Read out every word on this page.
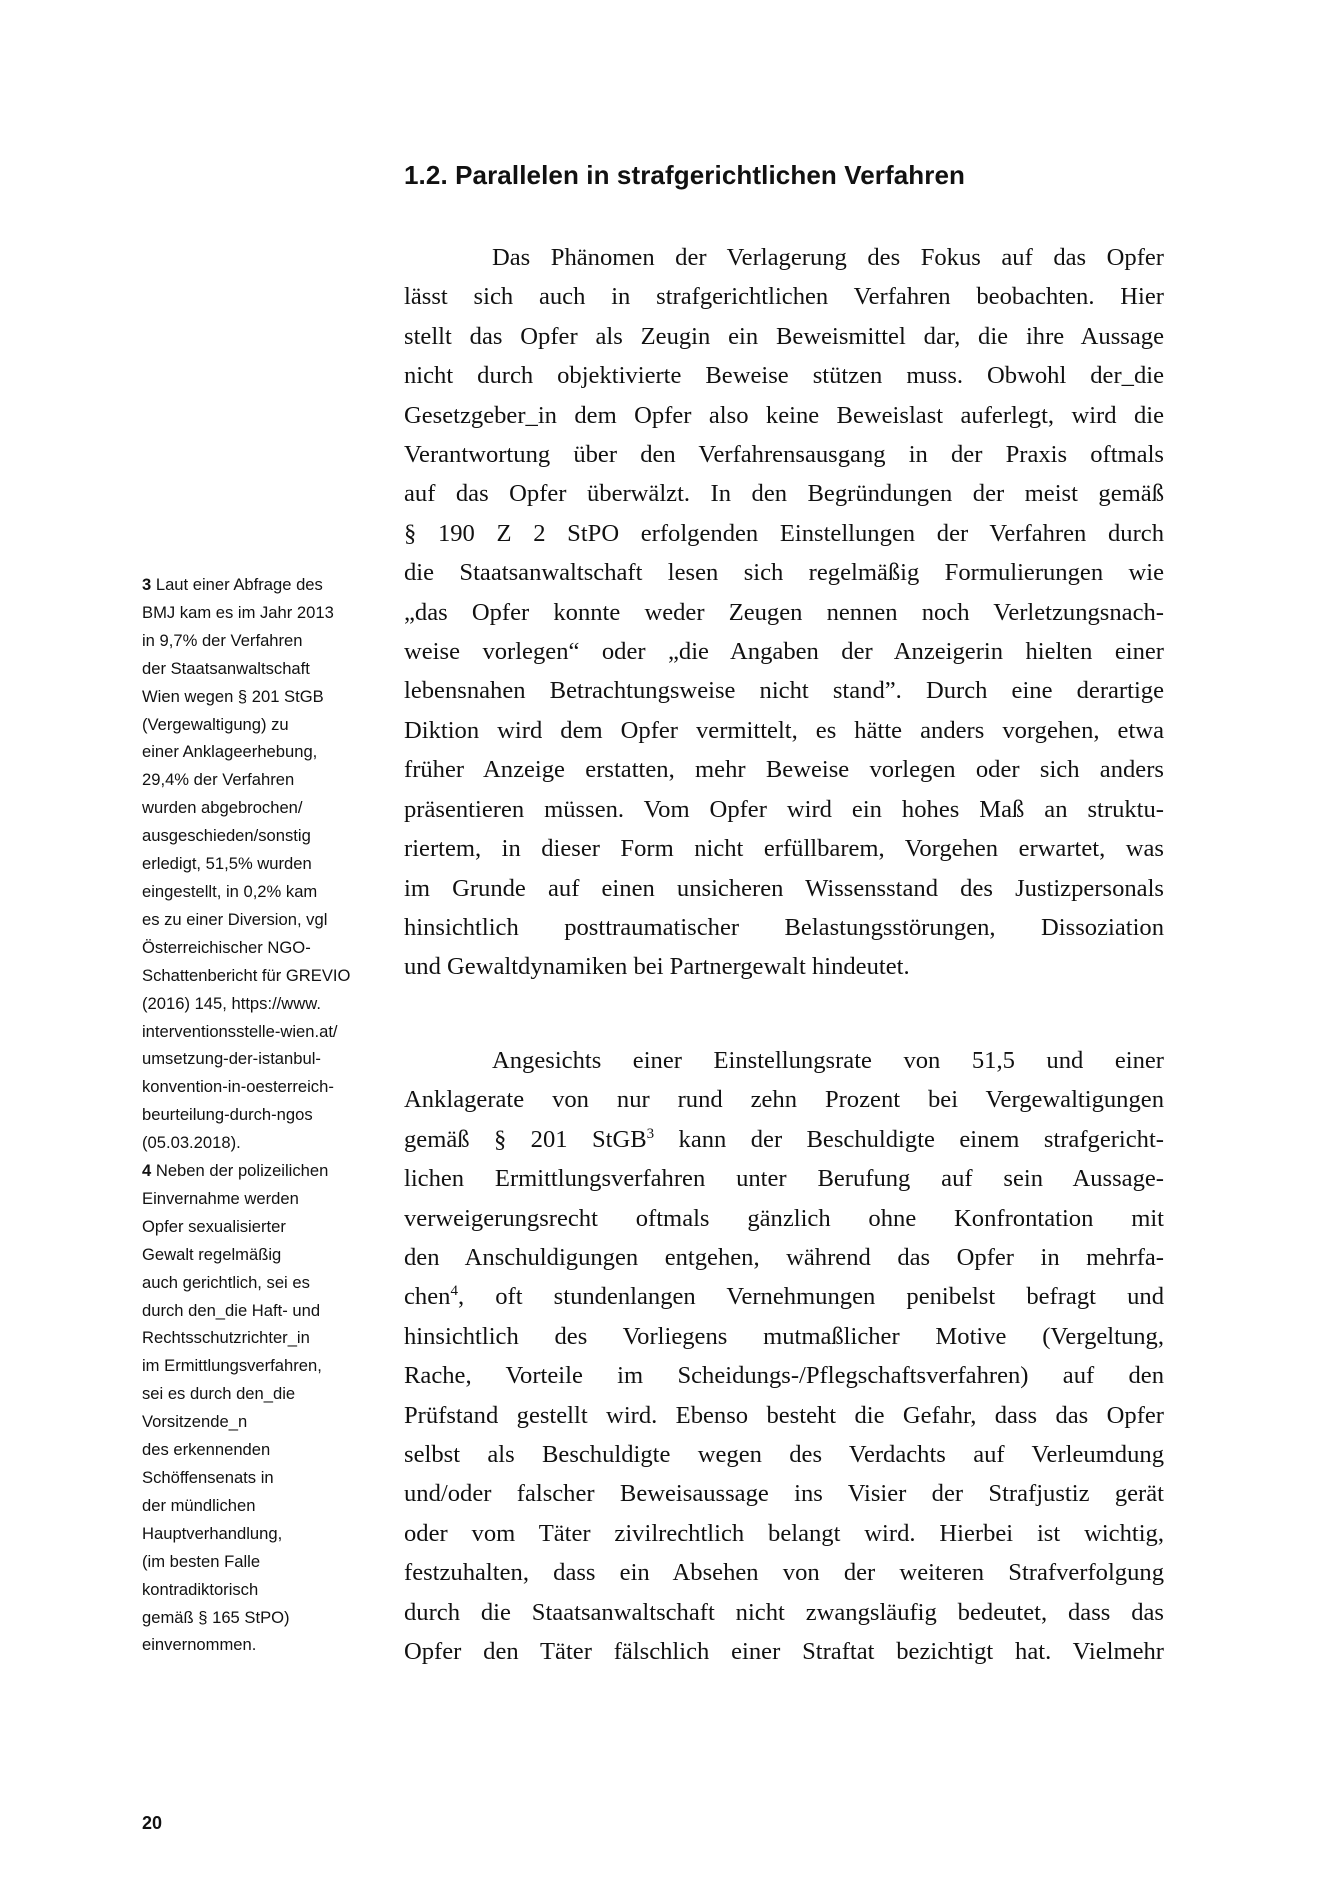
1.2. Parallelen in strafgerichtlichen Verfahren
Das Phänomen der Verlagerung des Fokus auf das Opfer
lässt sich auch in strafgerichtlichen Verfahren beobachten. Hier
stellt das Opfer als Zeugin ein Beweismittel dar, die ihre Aussage
nicht durch objektivierte Beweise stützen muss. Obwohl der_die
Gesetzgeber_in dem Opfer also keine Beweislast auferlegt, wird die
Verantwortung über den Verfahrensausgang in der Praxis oftmals
auf das Opfer überwälzt. In den Begründungen der meist gemäß
§ 190 Z 2 StPO erfolgenden Einstellungen der Verfahren durch
die Staatsanwaltschaft lesen sich regelmäßig Formulierungen wie
„das Opfer konnte weder Zeugen nennen noch Verletzungsnach-
weise vorlegen“ oder „die Angaben der Anzeigerin hielten einer
lebensnahen Betrachtungsweise nicht stand”. Durch eine derartige
Diktion wird dem Opfer vermittelt, es hätte anders vorgehen, etwa
früher Anzeige erstatten, mehr Beweise vorlegen oder sich anders
präsentieren müssen. Vom Opfer wird ein hohes Maß an struktu-
riertem, in dieser Form nicht erfüllbarem, Vorgehen erwartet, was
im Grunde auf einen unsicheren Wissensstand des Justizpersonals
hinsichtlich posttraumatischer Belastungsstörungen, Dissoziation
und Gewaltdynamiken bei Partnergewalt hindeutet.
Angesichts einer Einstellungsrate von 51,5 und einer
Anklagerate von nur rund zehn Prozent bei Vergewaltigungen
gemäß § 201 StGB$^3$ kann der Beschuldigte einem strafgericht-
lichen Ermittlungsverfahren unter Berufung auf sein Aussage-
verweigerungsrecht oftmals gänzlich ohne Konfrontation mit
den Anschuldigungen entgehen, während das Opfer in mehrfa-
chen$^4$, oft stundenlangen Vernehmungen penibelst befragt und
hinsichtlich des Vorliegens mutmaßlicher Motive (Vergeltung,
Rache, Vorteile im Scheidungs-/Pflegschaftsverfahren) auf den
Prüfstand gestellt wird. Ebenso besteht die Gefahr, dass das Opfer
selbst als Beschuldigte wegen des Verdachts auf Verleumdung
und/oder falscher Beweisaussage ins Visier der Strafjustiz gerät
oder vom Täter zivilrechtlich belangt wird. Hierbei ist wichtig,
festzuhalten, dass ein Absehen von der weiteren Strafverfolgung
durch die Staatsanwaltschaft nicht zwangsläufig bedeutet, dass das
Opfer den Täter fälschlich einer Straftat bezichtigt hat. Vielmehr
3 Laut einer Abfrage des
BMJ kam es im Jahr 2013
in 9,7% der Verfahren
der Staatsanwaltschaft
Wien wegen § 201 StGB
(Vergewaltigung) zu
einer Anklageerhebung,
29,4% der Verfahren
wurden abgebrochen/
ausgeschieden/sonstig
erledigt, 51,5% wurden
eingestellt, in 0,2% kam
es zu einer Diversion, vgl
Österreichischer NGO-
Schattenbericht für GREVIO
(2016) 145, https://www.
interventionsstelle-wien.at/
umsetzung-der-istanbul-
konvention-in-oesterreich-
beurteilung-durch-ngos
(05.03.2018).
4 Neben der polizeilichen
Einvernahme werden
Opfer sexualisierter
Gewalt regelmäßig
auch gerichtlich, sei es
durch den_die Haft- und
Rechtsschutzrichter_in
im Ermittlungsverfahren,
sei es durch den_die
Vorsitzende_n
des erkennenden
Schöffensenats in
der mündlichen
Hauptverhandlung,
(im besten Falle
kontradiktorisch
gemäß § 165 StPO)
einvernommen.
20
